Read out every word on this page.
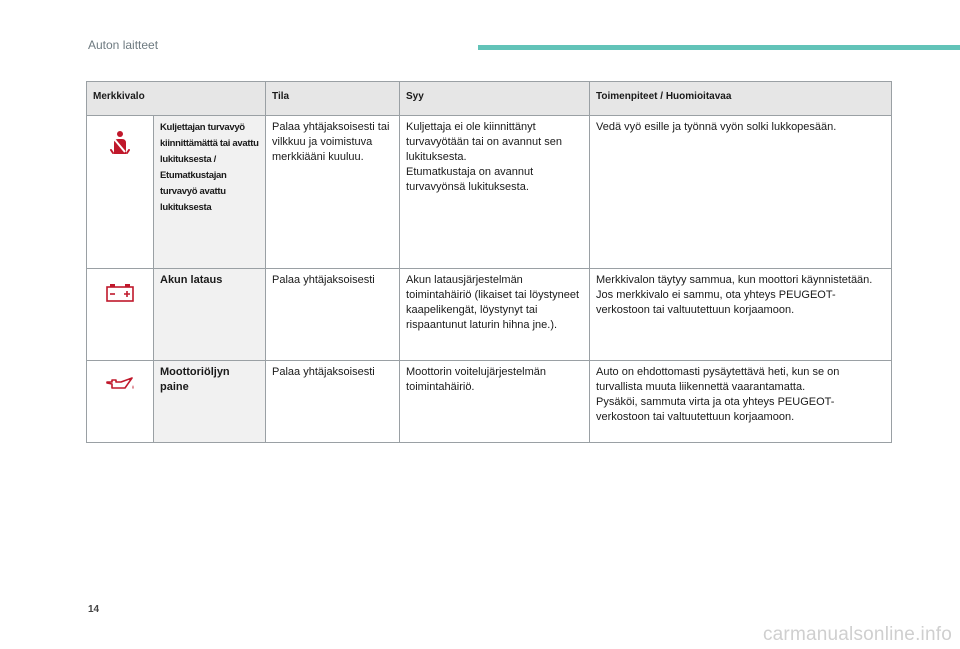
Auton laitteet
Merkkivalo		Tila	Syy	Toimenpiteet / Huomioitavaa
	Kuljettajan turvavyö kiinnittämättä tai avattu lukituksesta / Etumatkustajan turvavyö avattu lukituksesta	Palaa yhtäjaksoisesti tai vilkkuu ja voimistuva merkkiääni kuuluu.	Kuljettaja ei ole kiinnittänyt turvavyötään tai on avannut sen lukituksesta.
Etumatkustaja on avannut turvavyönsä lukituksesta.	Vedä vyö esille ja työnnä vyön solki lukkopesään.
	Akun lataus	Palaa yhtäjaksoisesti	Akun latausjärjestelmän toimintahäiriö (likaiset tai löystyneet kaapelikengät, löystynyt tai rispaantunut laturin hihna jne.).	Merkkivalon täytyy sammua, kun moottori käynnistetään.
Jos merkkivalo ei sammu, ota yhteys PEUGEOT-verkostoon tai valtuutettuun korjaamoon.
	Moottoriöljyn paine	Palaa yhtäjaksoisesti	Moottorin voitelujärjestelmän toimintahäiriö.	Auto on ehdottomasti pysäytettävä heti, kun se on turvallista muuta liikennettä vaarantamatta.
Pysäköi, sammuta virta ja ota yhteys PEUGEOT-verkostoon tai valtuutettuun korjaamoon.
14
carmanualsonline.info
